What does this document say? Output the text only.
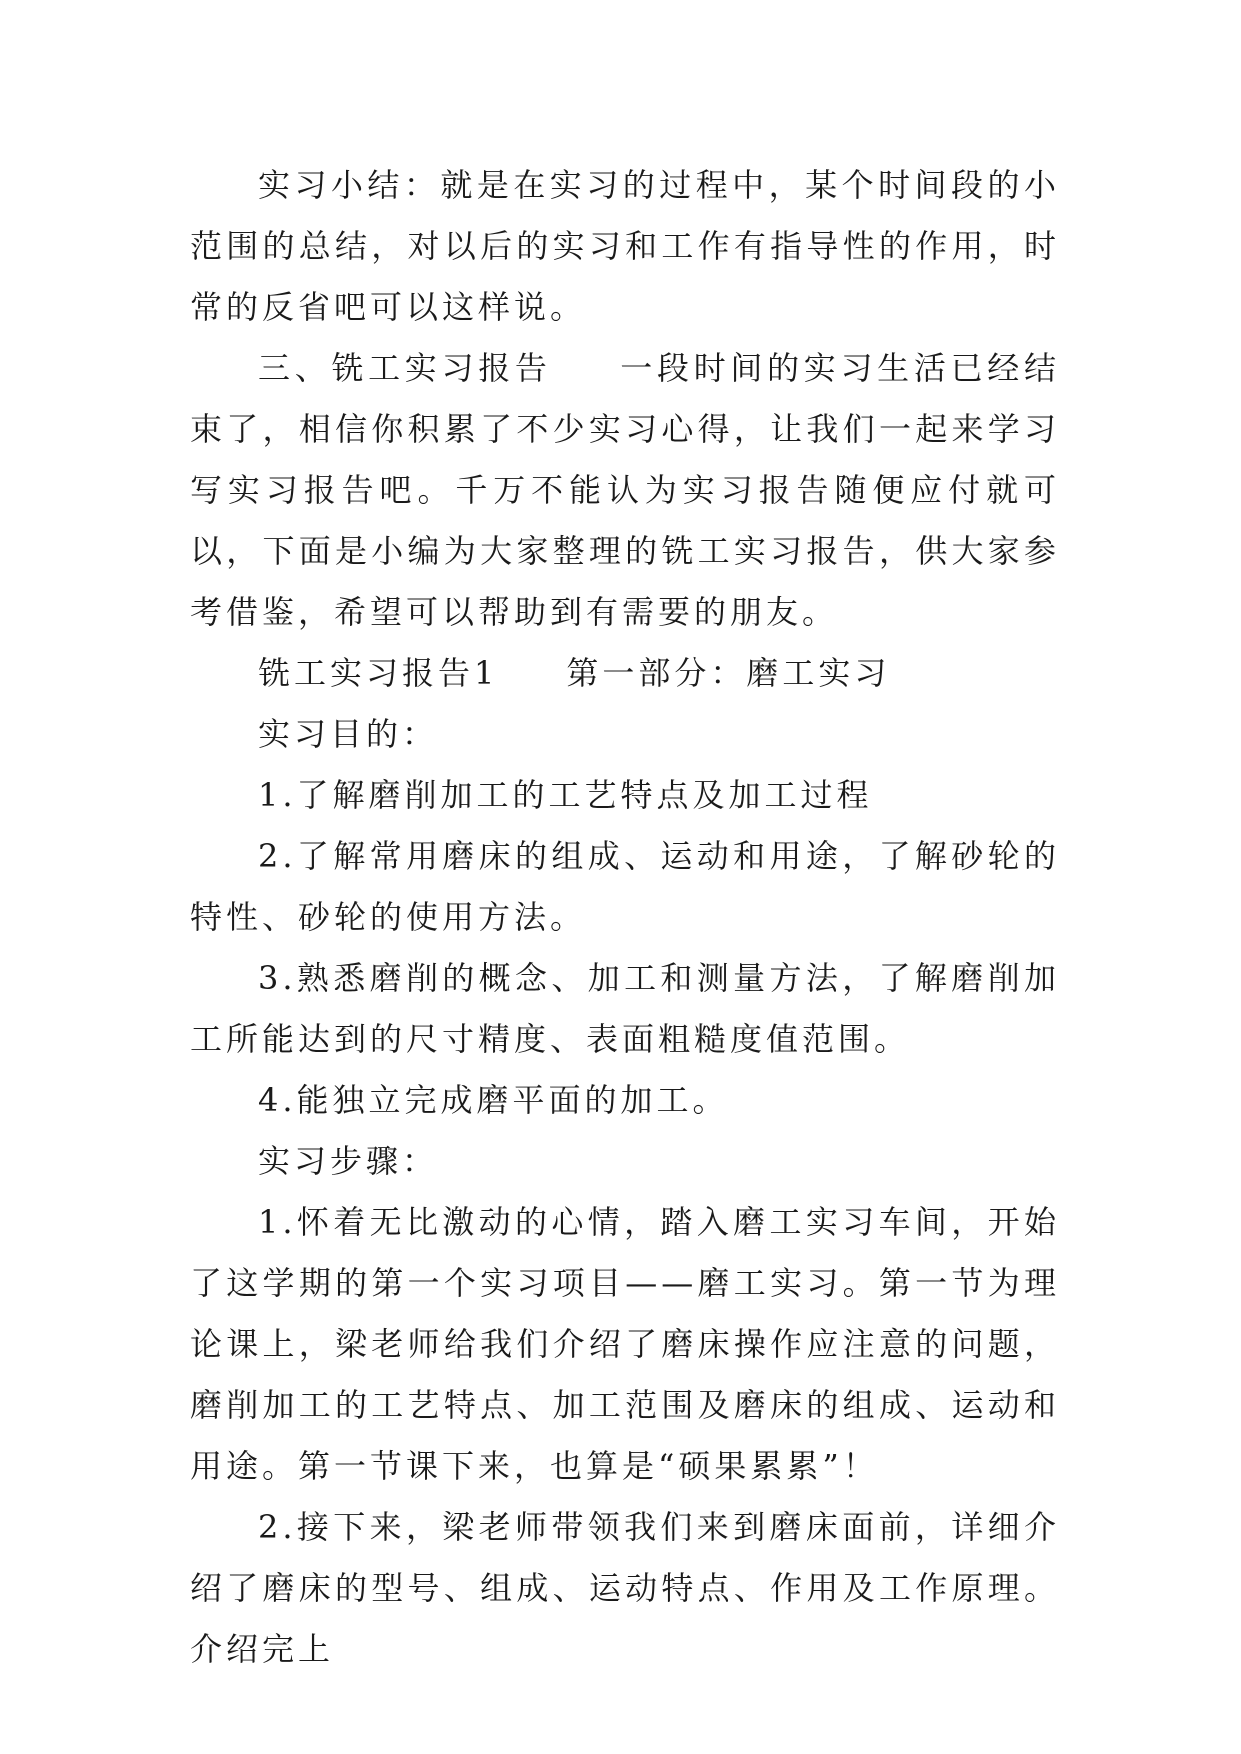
实习小结：就是在实习的过程中，某个时间段的小范围的总结，对以后的实习和工作有指导性的作用，时常的反省吧可以这样说。

三、铣工实习报告 一段时间的实习生活已经结束了，相信你积累了不少实习心得，让我们一起来学习写实习报告吧。千万不能认为实习报告随便应付就可以，下面是小编为大家整理的铣工实习报告，供大家参考借鉴，希望可以帮助到有需要的朋友。

铣工实习报告1 第一部分：磨工实习

实习目的：

1.了解磨削加工的工艺特点及加工过程

2.了解常用磨床的组成、运动和用途，了解砂轮的特性、砂轮的使用方法。

3.熟悉磨削的概念、加工和测量方法，了解磨削加工所能达到的尺寸精度、表面粗糙度值范围。

4.能独立完成磨平面的加工。

实习步骤：

1.怀着无比激动的心情，踏入磨工实习车间，开始了这学期的第一个实习项目——磨工实习。第一节为理论课上，梁老师给我们介绍了磨床操作应注意的问题，磨削加工的工艺特点、加工范围及磨床的组成、运动和用途。第一节课下来，也算是“硕果累累”！

2.接下来，梁老师带领我们来到磨床面前，详细介绍了磨床的型号、组成、运动特点、作用及工作原理。介绍完上
